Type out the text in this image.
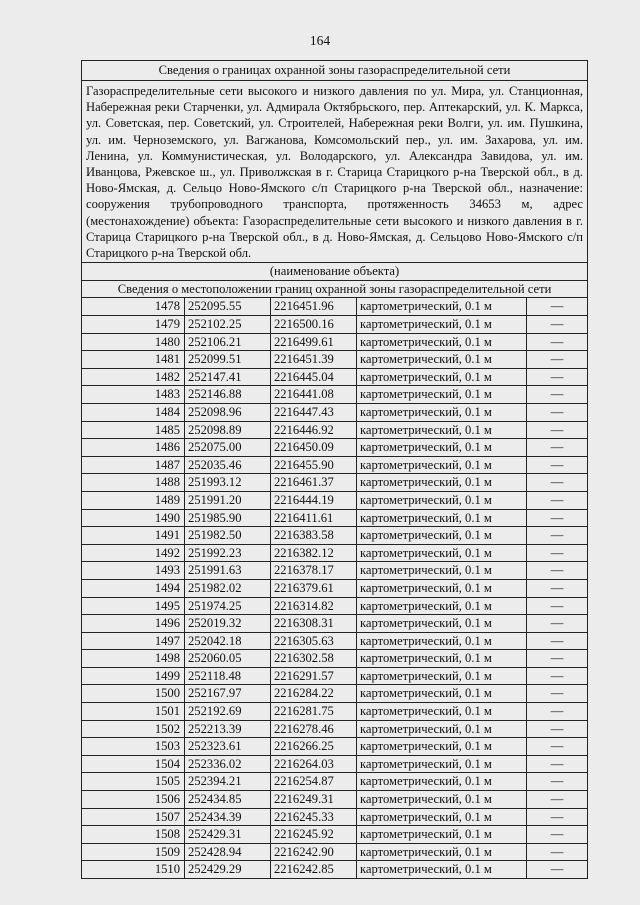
164
Сведения о границах охранной зоны газораспределительной сети				
Газораспределительные сети высокого и низкого давления по ул. Мира, ул. Станционная, Набережная реки Старченки, ул. Адмирала Октябрьского, пер. Аптекарский, ул. К. Маркса, ул. Советская, пер. Советский, ул. Строителей, Набережная реки Волги, ул. им. Пушкина, ул. им. Черноземского, ул. Вагжанова, Комсомольский пер., ул. им. Захарова, ул. им. Ленина, ул. Коммунистическая, ул. Володарского, ул. Александра Завидова, ул. им. Иванцова, Ржевское ш., ул. Приволжская в г. Старица Старицкого р-на Тверской обл., в д. Ново-Ямская, д. Сельцо Ново-Ямского с/п Старицкого р-на Тверской обл., назначение: сооружения трубопроводного транспорта, протяженность 34653 м, адрес (местонахождение) объекта: Газораспределительные сети высокого и низкого давления в г. Старица Старицкого р-на Тверской обл., в д. Ново-Ямская, д. Сельцово Ново-Ямского с/п Старицкого р-на Тверской обл.				
(наименование объекта)				
Сведения о местоположении границ охранной зоны газораспределительной сети				
1478	252095.55	2216451.96	картометрический, 0.1 м	—
1479	252102.25	2216500.16	картометрический, 0.1 м	—
1480	252106.21	2216499.61	картометрический, 0.1 м	—
1481	252099.51	2216451.39	картометрический, 0.1 м	—
1482	252147.41	2216445.04	картометрический, 0.1 м	—
1483	252146.88	2216441.08	картометрический, 0.1 м	—
1484	252098.96	2216447.43	картометрический, 0.1 м	—
1485	252098.89	2216446.92	картометрический, 0.1 м	—
1486	252075.00	2216450.09	картометрический, 0.1 м	—
1487	252035.46	2216455.90	картометрический, 0.1 м	—
1488	251993.12	2216461.37	картометрический, 0.1 м	—
1489	251991.20	2216444.19	картометрический, 0.1 м	—
1490	251985.90	2216411.61	картометрический, 0.1 м	—
1491	251982.50	2216383.58	картометрический, 0.1 м	—
1492	251992.23	2216382.12	картометрический, 0.1 м	—
1493	251991.63	2216378.17	картометрический, 0.1 м	—
1494	251982.02	2216379.61	картометрический, 0.1 м	—
1495	251974.25	2216314.82	картометрический, 0.1 м	—
1496	252019.32	2216308.31	картометрический, 0.1 м	—
1497	252042.18	2216305.63	картометрический, 0.1 м	—
1498	252060.05	2216302.58	картометрический, 0.1 м	—
1499	252118.48	2216291.57	картометрический, 0.1 м	—
1500	252167.97	2216284.22	картометрический, 0.1 м	—
1501	252192.69	2216281.75	картометрический, 0.1 м	—
1502	252213.39	2216278.46	картометрический, 0.1 м	—
1503	252323.61	2216266.25	картометрический, 0.1 м	—
1504	252336.02	2216264.03	картометрический, 0.1 м	—
1505	252394.21	2216254.87	картометрический, 0.1 м	—
1506	252434.85	2216249.31	картометрический, 0.1 м	—
1507	252434.39	2216245.33	картометрический, 0.1 м	—
1508	252429.31	2216245.92	картометрический, 0.1 м	—
1509	252428.94	2216242.90	картометрический, 0.1 м	—
1510	252429.29	2216242.85	картометрический, 0.1 м	—
